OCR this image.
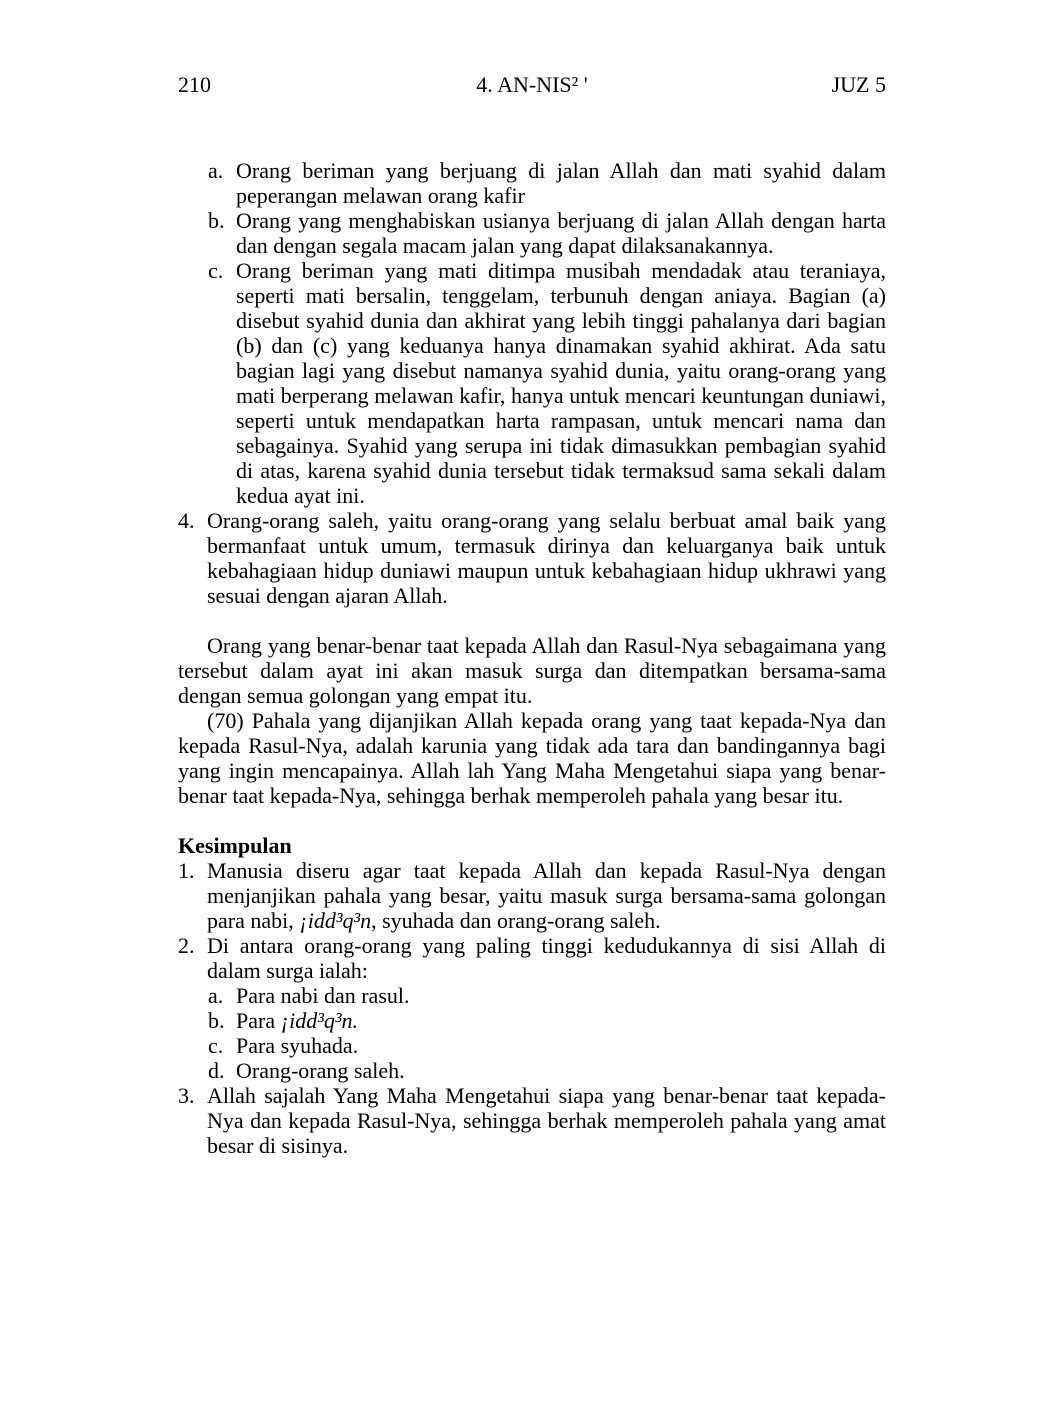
210	4. AN-NIS² '	JUZ 5
a. Orang beriman yang berjuang di jalan Allah dan mati syahid dalam peperangan melawan orang kafir
b. Orang yang menghabiskan usianya berjuang di jalan Allah dengan harta dan dengan segala macam jalan yang dapat dilaksanakannya.
c. Orang beriman yang mati ditimpa musibah mendadak atau teraniaya, seperti mati bersalin, tenggelam, terbunuh dengan aniaya. Bagian (a) disebut syahid dunia dan akhirat yang lebih tinggi pahalanya dari bagian (b) dan (c) yang keduanya hanya dinamakan syahid akhirat. Ada satu bagian lagi yang disebut namanya syahid dunia, yaitu orang-orang yang mati berperang melawan kafir, hanya untuk mencari keuntungan duniawi, seperti untuk mendapatkan harta rampasan, untuk mencari nama dan sebagainya. Syahid yang serupa ini tidak dimasukkan pembagian syahid di atas, karena syahid dunia tersebut tidak termaksud sama sekali dalam kedua ayat ini.
4. Orang-orang saleh, yaitu orang-orang yang selalu berbuat amal baik yang bermanfaat untuk umum, termasuk dirinya dan keluarganya baik untuk kebahagiaan hidup duniawi maupun untuk kebahagiaan hidup ukhrawi yang sesuai dengan ajaran Allah.

Orang yang benar-benar taat kepada Allah dan Rasul-Nya sebagaimana yang tersebut dalam ayat ini akan masuk surga dan ditempatkan bersama-sama dengan semua golongan yang empat itu.

(70) Pahala yang dijanjikan Allah kepada orang yang taat kepada-Nya dan kepada Rasul-Nya, adalah karunia yang tidak ada tara dan bandingannya bagi yang ingin mencapainya. Allah lah Yang Maha Mengetahui siapa yang benar-benar taat kepada-Nya, sehingga berhak memperoleh pahala yang besar itu.

Kesimpulan
1. Manusia diseru agar taat kepada Allah dan kepada Rasul-Nya dengan menjanjikan pahala yang besar, yaitu masuk surga bersama-sama golongan para nabi, ¡idd³q³n, syuhada dan orang-orang saleh.
2. Di antara orang-orang yang paling tinggi kedudukannya di sisi Allah di dalam surga ialah:
a. Para nabi dan rasul.
b. Para ¡idd³q³n.
c. Para syuhada.
d. Orang-orang saleh.
3. Allah sajalah Yang Maha Mengetahui siapa yang benar-benar taat kepada-Nya dan kepada Rasul-Nya, sehingga berhak memperoleh pahala yang amat besar di sisinya.
